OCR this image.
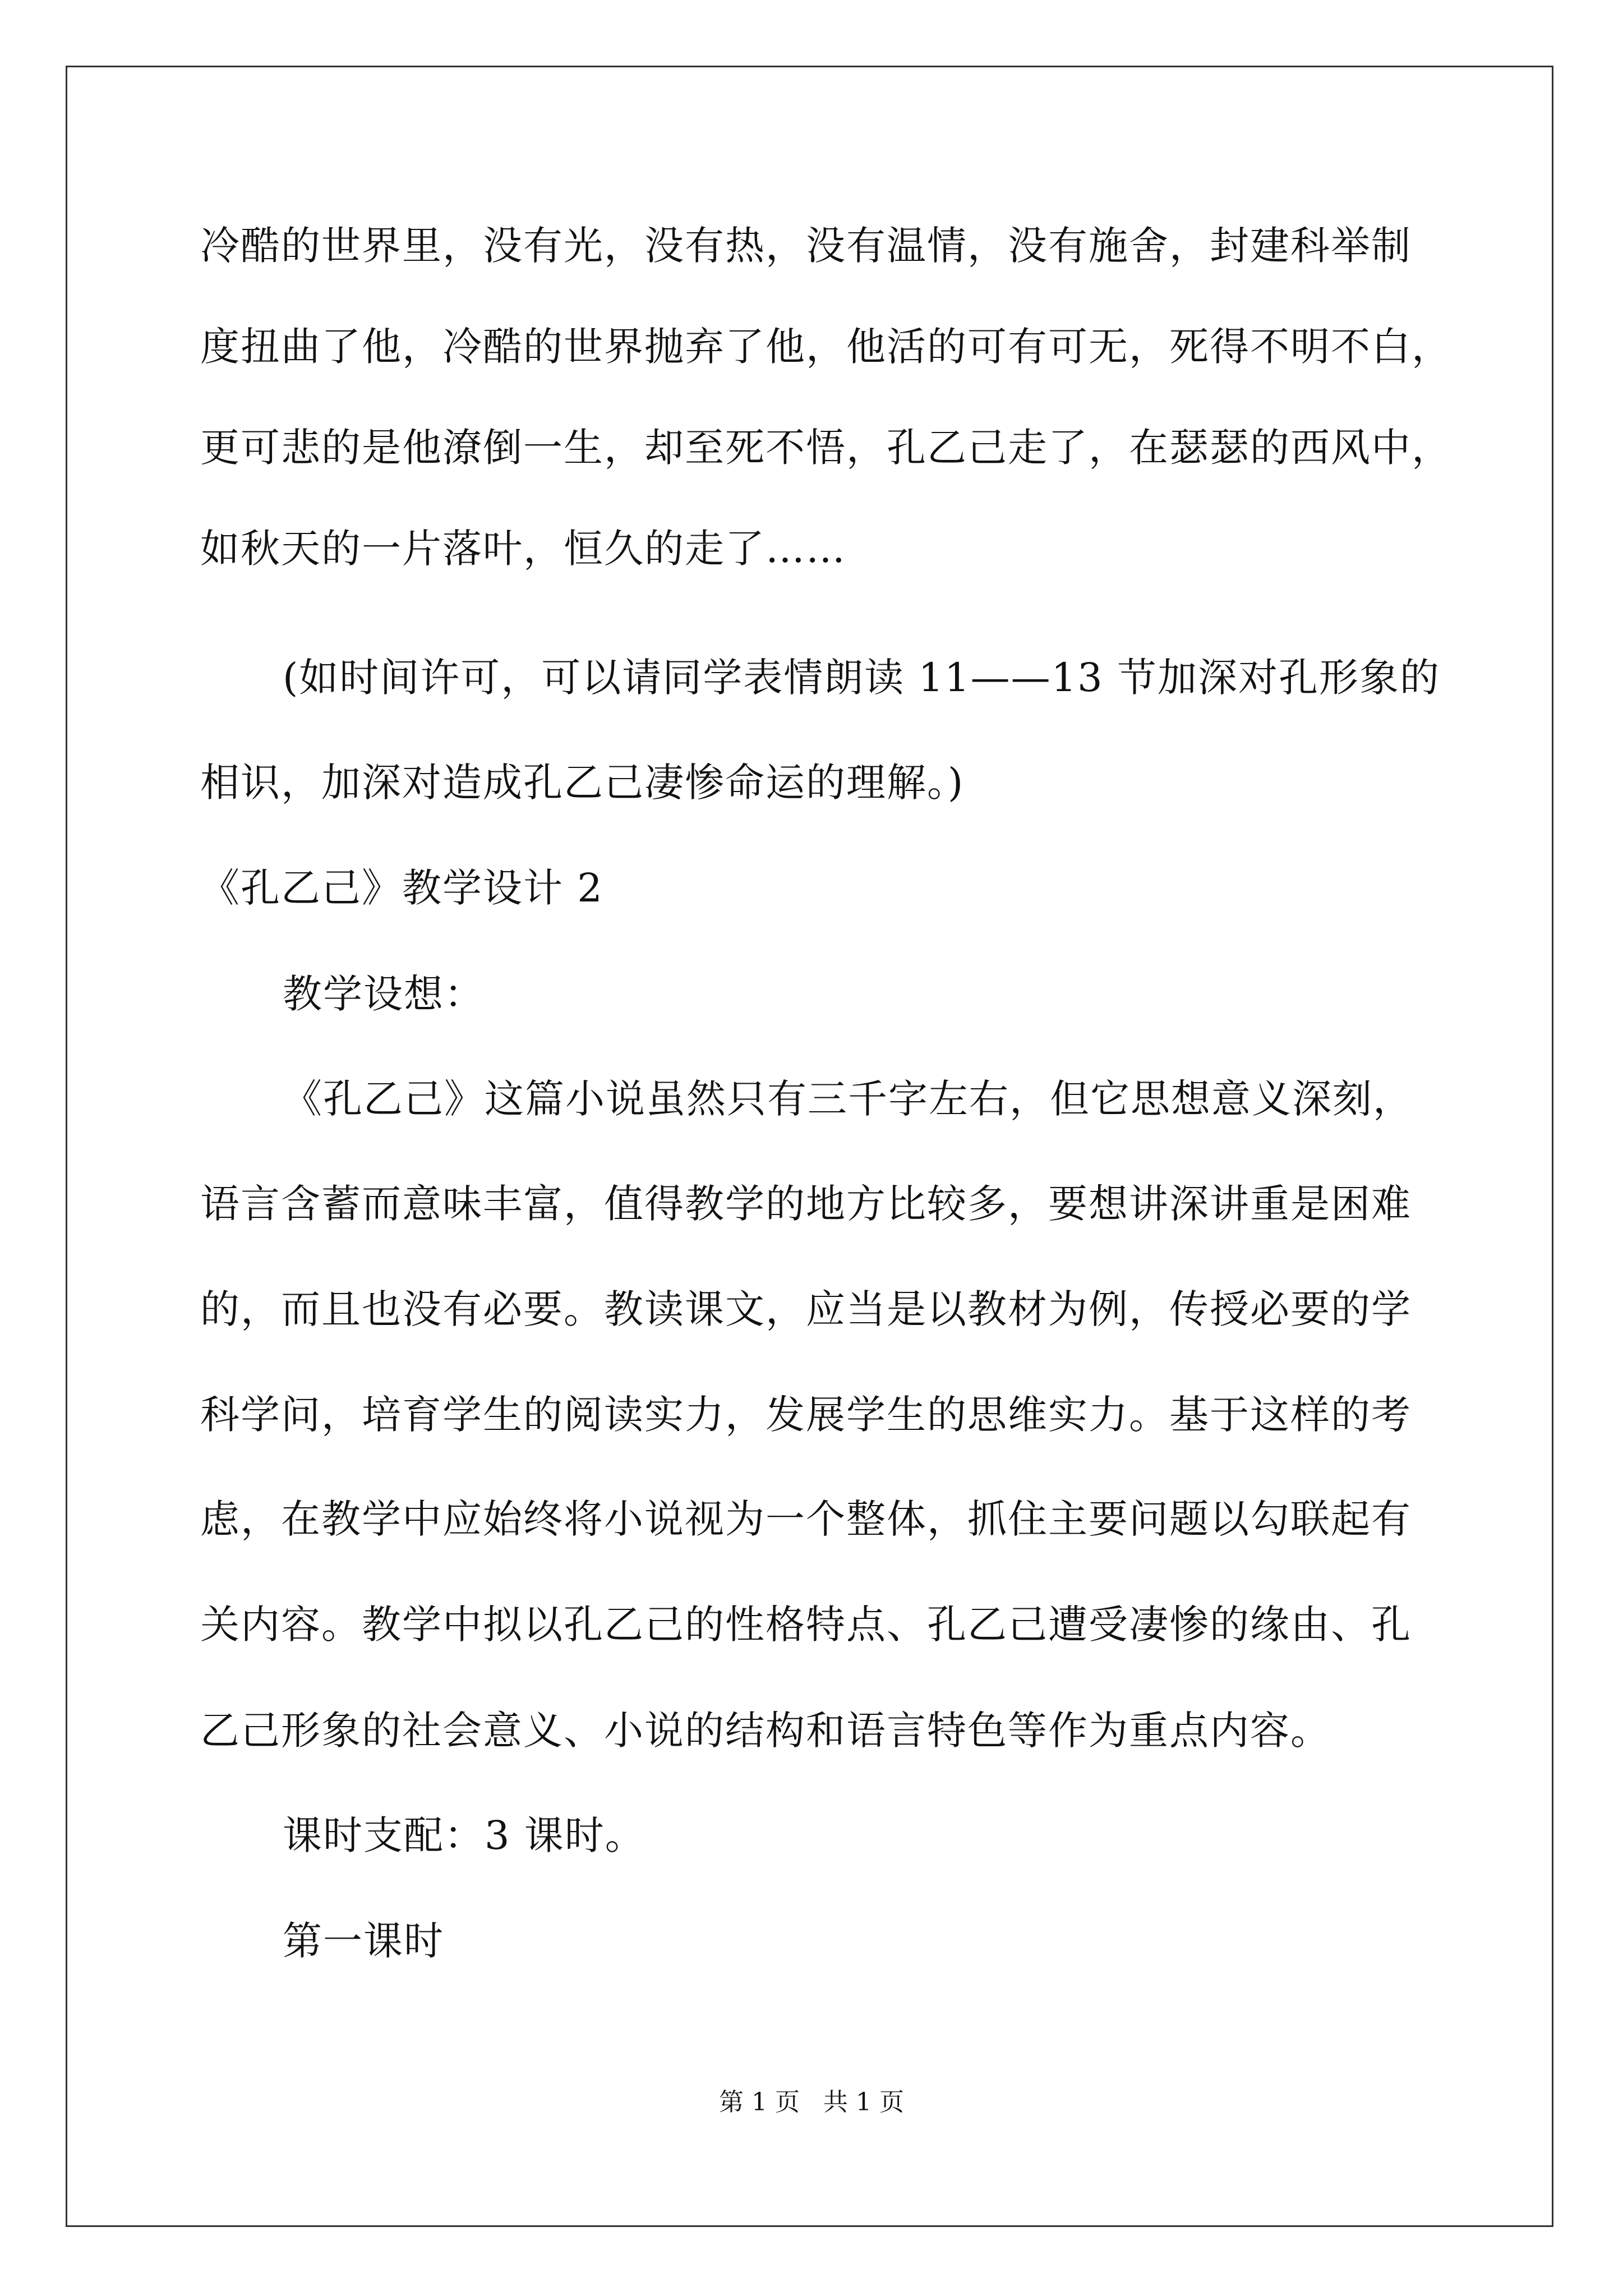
冷酷的世界里，没有光，没有热，没有温情，没有施舍，封建科举制
度扭曲了他，冷酷的世界抛弃了他，他活的可有可无，死得不明不白，
更可悲的是他潦倒一生，却至死不悟，孔乙己走了，在瑟瑟的西风中，
如秋天的一片落叶，恒久的走了……
(如时间许可，可以请同学表情朗读 11——13 节加深对孔形象的
相识，加深对造成孔乙己凄惨命运的理解。)
《孔乙己》教学设计 2
教学设想：
《孔乙己》这篇小说虽然只有三千字左右，但它思想意义深刻，
语言含蓄而意味丰富，值得教学的地方比较多，要想讲深讲重是困难
的，而且也没有必要。教读课文，应当是以教材为例，传授必要的学
科学问，培育学生的阅读实力，发展学生的思维实力。基于这样的考
虑，在教学中应始终将小说视为一个整体，抓住主要问题以勾联起有
关内容。教学中拟以孔乙己的性格特点、孔乙己遭受凄惨的缘由、孔
乙己形象的社会意义、小说的结构和语言特色等作为重点内容。
课时支配：3 课时。
第一课时
第 1 页   共 1 页
